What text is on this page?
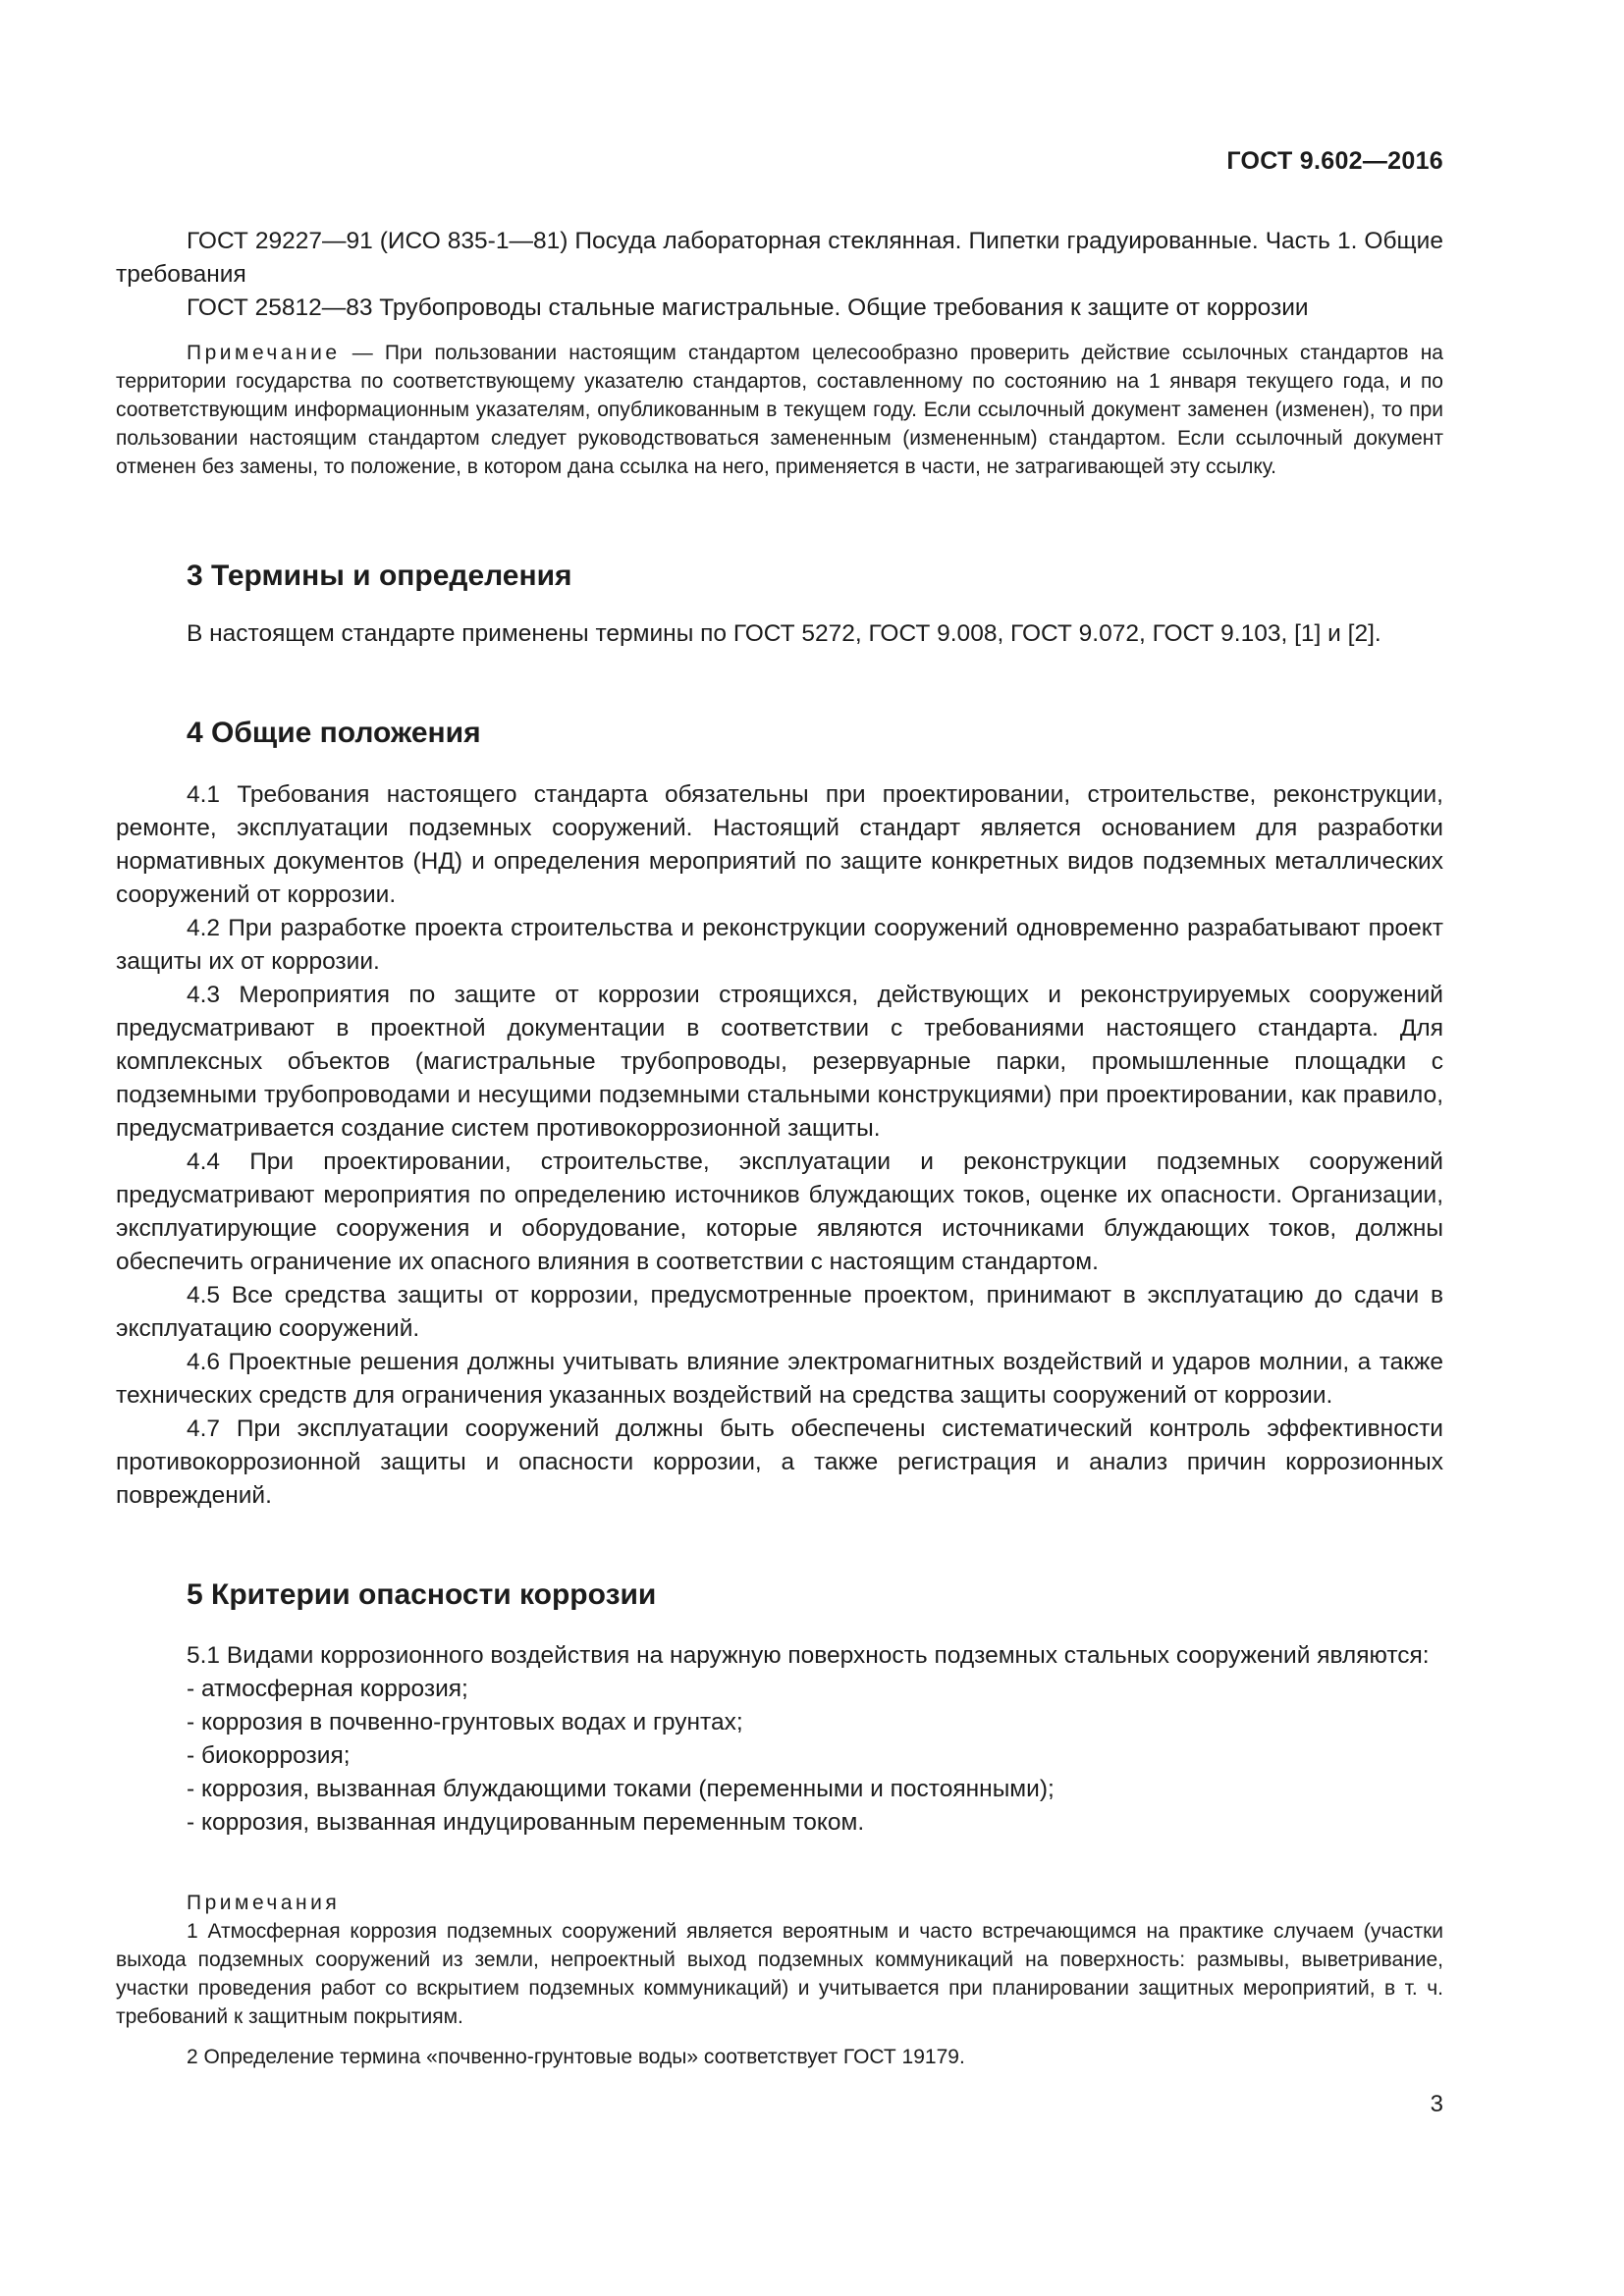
ГОСТ 9.602—2016

ГОСТ 29227—91 (ИСО 835-1—81) Посуда лабораторная стеклянная. Пипетки градуированные. Часть 1. Общие требования

ГОСТ 25812—83 Трубопроводы стальные магистральные. Общие требования к защите от коррозии

Примечание — При пользовании настоящим стандартом целесообразно проверить действие ссылочных стандартов на территории государства по соответствующему указателю стандартов, составленному по состоянию на 1 января текущего года, и по соответствующим информационным указателям, опубликованным в текущем году. Если ссылочный документ заменен (изменен), то при пользовании настоящим стандартом следует руководствоваться замененным (измененным) стандартом. Если ссылочный документ отменен без замены, то положение, в котором дана ссылка на него, применяется в части, не затрагивающей эту ссылку.

3 Термины и определения

В настоящем стандарте применены термины по ГОСТ 5272, ГОСТ 9.008, ГОСТ 9.072, ГОСТ 9.103, [1] и [2].

4 Общие положения

4.1 Требования настоящего стандарта обязательны при проектировании, строительстве, реконструкции, ремонте, эксплуатации подземных сооружений. Настоящий стандарт является основанием для разработки нормативных документов (НД) и определения мероприятий по защите конкретных видов подземных металлических сооружений от коррозии.

4.2 При разработке проекта строительства и реконструкции сооружений одновременно разрабатывают проект защиты их от коррозии.

4.3 Мероприятия по защите от коррозии строящихся, действующих и реконструируемых сооружений предусматривают в проектной документации в соответствии с требованиями настоящего стандарта. Для комплексных объектов (магистральные трубопроводы, резервуарные парки, промышленные площадки с подземными трубопроводами и несущими подземными стальными конструкциями) при проектировании, как правило, предусматривается создание систем противокоррозионной защиты.

4.4 При проектировании, строительстве, эксплуатации и реконструкции подземных сооружений предусматривают мероприятия по определению источников блуждающих токов, оценке их опасности. Организации, эксплуатирующие сооружения и оборудование, которые являются источниками блуждающих токов, должны обеспечить ограничение их опасного влияния в соответствии с настоящим стандартом.

4.5 Все средства защиты от коррозии, предусмотренные проектом, принимают в эксплуатацию до сдачи в эксплуатацию сооружений.

4.6 Проектные решения должны учитывать влияние электромагнитных воздействий и ударов молнии, а также технических средств для ограничения указанных воздействий на средства защиты сооружений от коррозии.

4.7 При эксплуатации сооружений должны быть обеспечены систематический контроль эффективности противокоррозионной защиты и опасности коррозии, а также регистрация и анализ причин коррозионных повреждений.

5 Критерии опасности коррозии

5.1 Видами коррозионного воздействия на наружную поверхность подземных стальных сооружений являются:

- атмосферная коррозия;
- коррозия в почвенно-грунтовых водах и грунтах;
- биокоррозия;
- коррозия, вызванная блуждающими токами (переменными и постоянными);
- коррозия, вызванная индуцированным переменным током.

Примечания

1 Атмосферная коррозия подземных сооружений является вероятным и часто встречающимся на практике случаем (участки выхода подземных сооружений из земли, непроектный выход подземных коммуникаций на поверхность: размывы, выветривание, участки проведения работ со вскрытием подземных коммуникаций) и учитывается при планировании защитных мероприятий, в т. ч. требований к защитным покрытиям.

2 Определение термина «почвенно-грунтовые воды» соответствует ГОСТ 19179.

3
